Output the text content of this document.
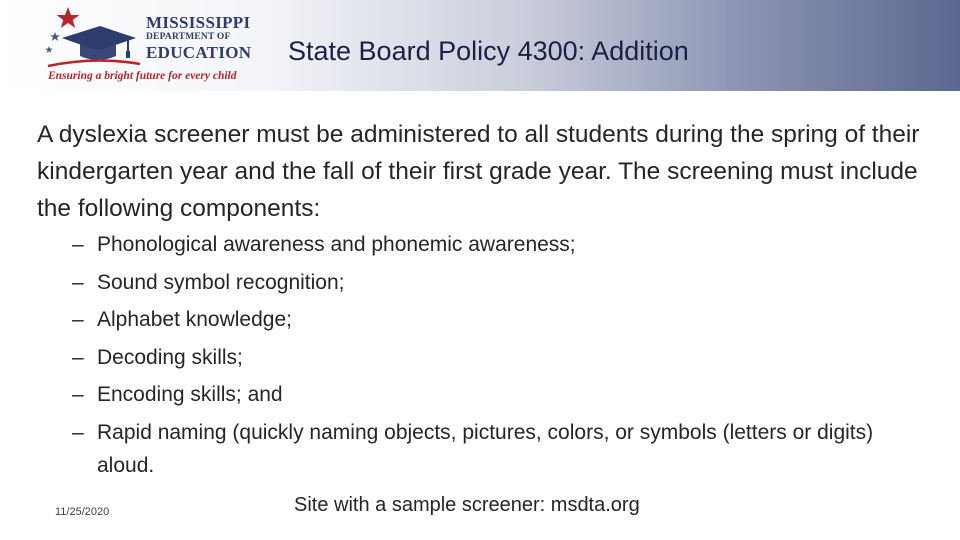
MISSISSIPPI
DEPARTMENT OF
EDUCATION
Ensuring a bright future for every child
State Board Policy 4300: Addition
A dyslexia screener must be administered to all students during the spring of their kindergarten year and the fall of their first grade year. The screening must include the following components:
– Phonological awareness and phonemic awareness;
– Sound symbol recognition;
– Alphabet knowledge;
– Decoding skills;
– Encoding skills; and
– Rapid naming (quickly naming objects, pictures, colors, or symbols (letters or digits) aloud.
11/25/2020	Site with a sample screener: msdta.org
